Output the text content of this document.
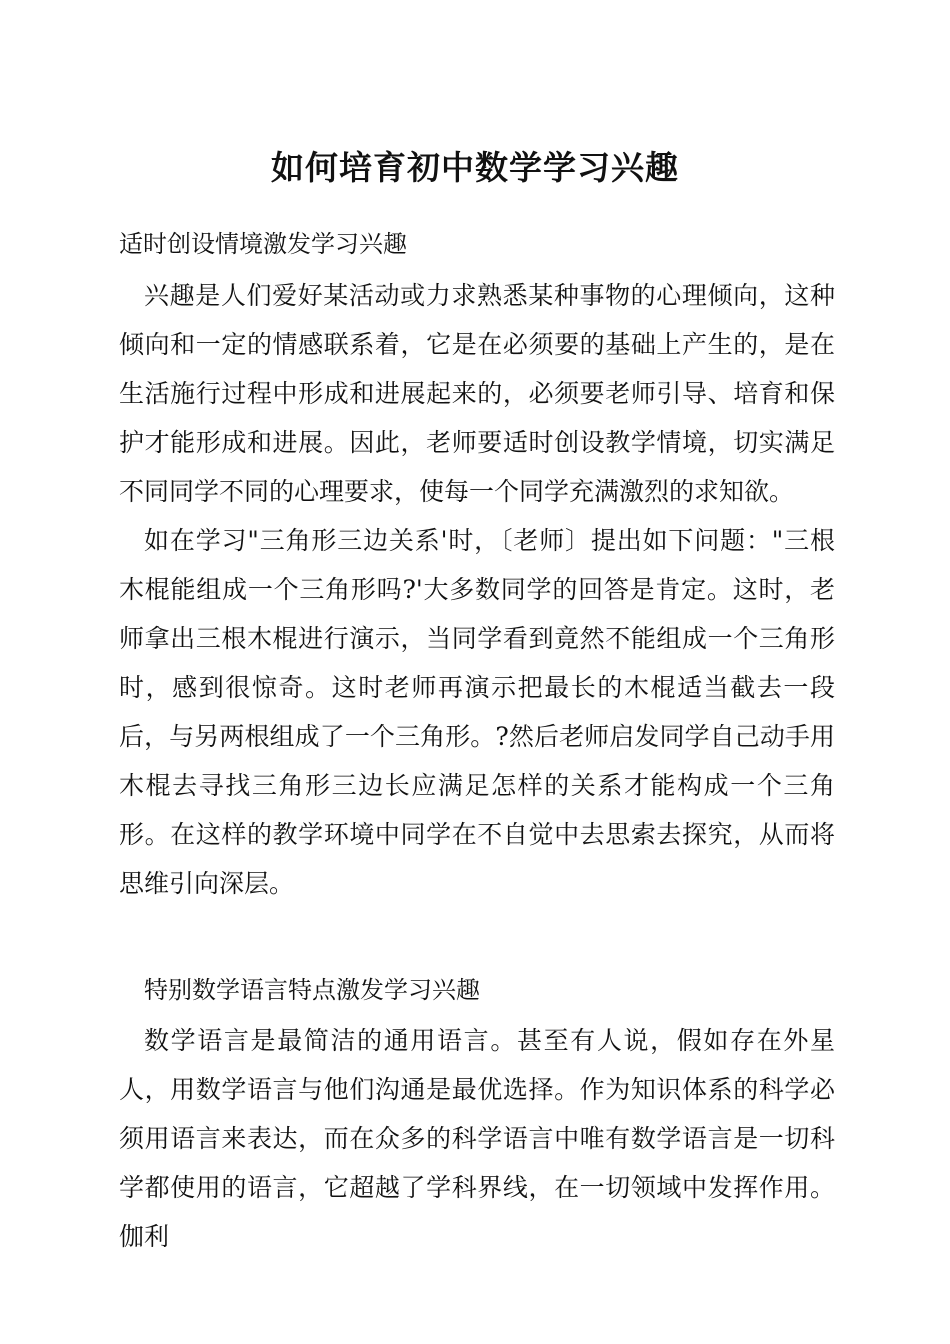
如何培育初中数学学习兴趣
适时创设情境激发学习兴趣
兴趣是人们爱好某活动或力求熟悉某种事物的心理倾向，这种倾向和一定的情感联系着，它是在必须要的基础上产生的，是在生活施行过程中形成和进展起来的，必须要老师引导、培育和保护才能形成和进展。因此，老师要适时创设教学情境，切实满足不同同学不同的心理要求，使每一个同学充满激烈的求知欲。
如在学习"三角形三边关系'时，〔老师〕提出如下问题："三根木棍能组成一个三角形吗?'大多数同学的回答是肯定。这时，老师拿出三根木棍进行演示，当同学看到竟然不能组成一个三角形时，感到很惊奇。这时老师再演示把最长的木棍适当截去一段后，与另两根组成了一个三角形。?然后老师启发同学自己动手用木棍去寻找三角形三边长应满足怎样的关系才能构成一个三角形。在这样的教学环境中同学在不自觉中去思索去探究，从而将思维引向深层。
特别数学语言特点激发学习兴趣
数学语言是最简洁的通用语言。甚至有人说，假如存在外星人，用数学语言与他们沟通是最优选择。作为知识体系的科学必须用语言来表达，而在众多的科学语言中唯有数学语言是一切科学都使用的语言，它超越了学科界线，在一切领域中发挥作用。伽利
